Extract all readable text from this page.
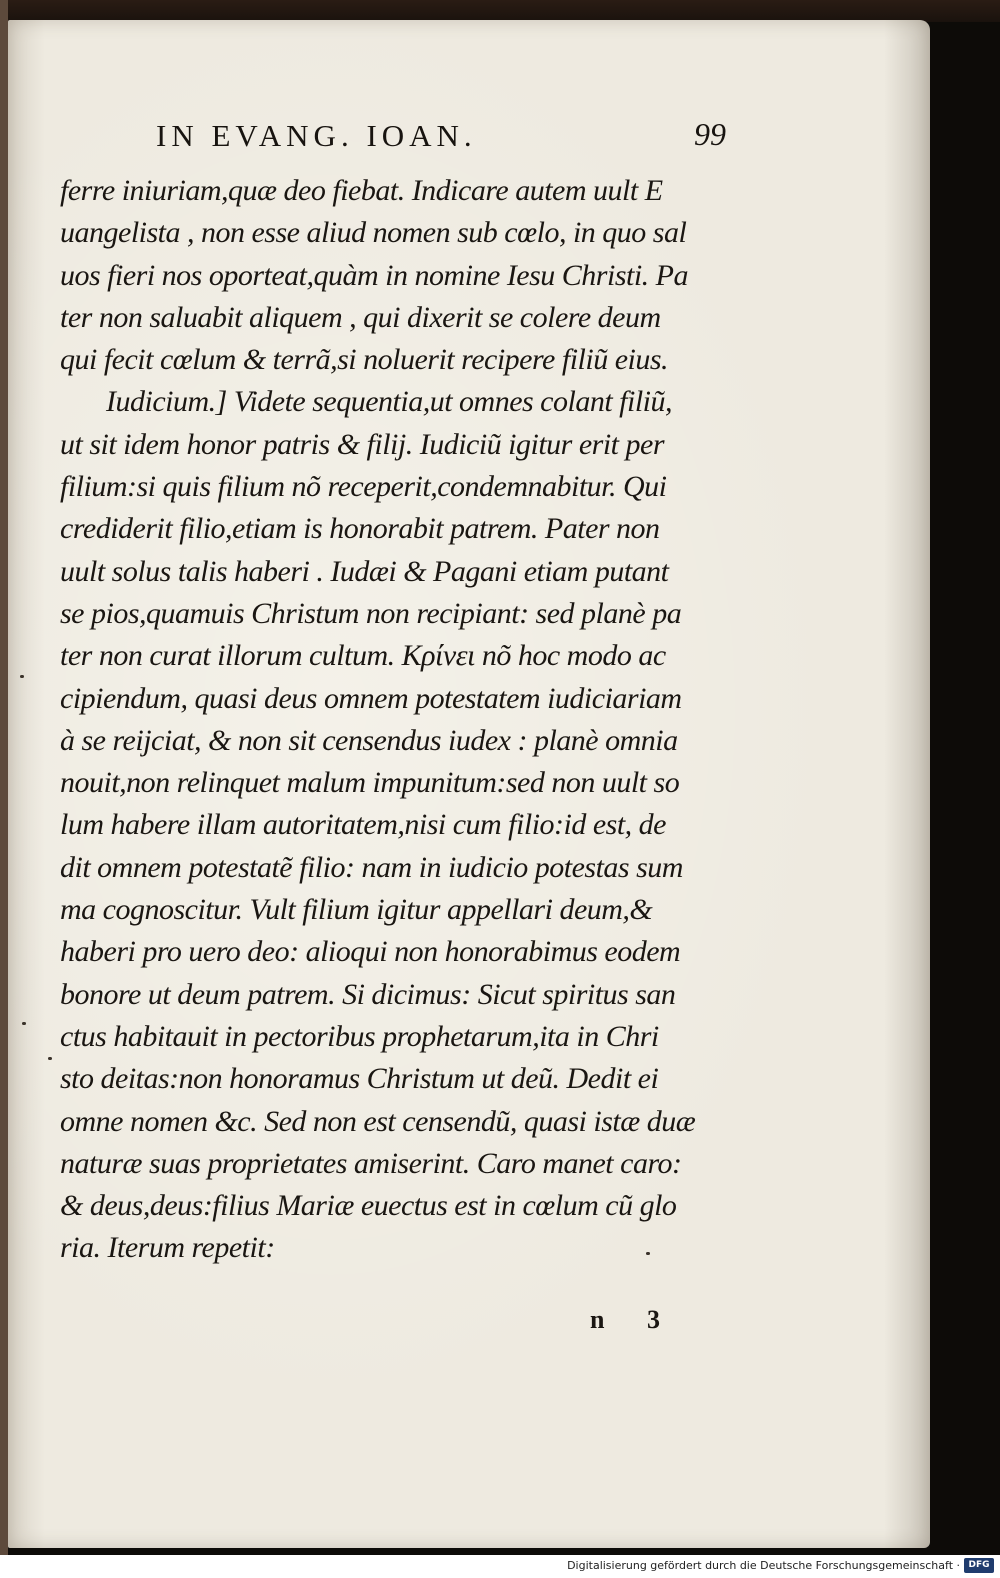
IN EVANG. IOAN.	99
ferre iniuriam,quæ deo fiebat. Indicare autem uult E
uangelista , non esse aliud nomen sub cœlo, in quo sal
uos fieri nos oporteat,quàm in nomine Iesu Christi. Pa
ter non saluabit aliquem , qui dixerit se colere deum
qui fecit cœlum & terrã,si noluerit recipere filiũ eius.
Iudicium.] Videte sequentia,ut omnes colant filiũ,
ut sit idem honor patris & filij. Iudiciũ igitur erit per
filium:si quis filium nõ receperit,condemnabitur. Qui
crediderit filio,etiam is honorabit patrem. Pater non
uult solus talis haberi . Iudæi & Pagani etiam putant
se pios,quamuis Christum non recipiant: sed planè pa
ter non curat illorum cultum. Κρίνει nõ hoc modo ac
cipiendum, quasi deus omnem potestatem iudiciariam
à se reijciat, & non sit censendus iudex : planè omnia
nouit,non relinquet malum impunitum:sed non uult so
lum habere illam autoritatem,nisi cum filio:id est, de
dit omnem potestatẽ filio: nam in iudicio potestas sum
ma cognoscitur. Vult filium igitur appellari deum,&
haberi pro uero deo: alioqui non honorabimus eodem
bonore ut deum patrem. Si dicimus: Sicut spiritus san
ctus habitauit in pectoribus prophetarum,ita in Chri
sto deitas:non honoramus Christum ut deũ. Dedit ei
omne nomen &c. Sed non est censendũ, quasi istæ duæ
naturæ suas proprietates amiserint. Caro manet caro:
& deus,deus:filius Mariæ euectus est in cœlum cũ glo
ria. Iterum repetit:
n 3
Digitalisierung gefördert durch die Deutsche Forschungsgemeinschaft · DFG
